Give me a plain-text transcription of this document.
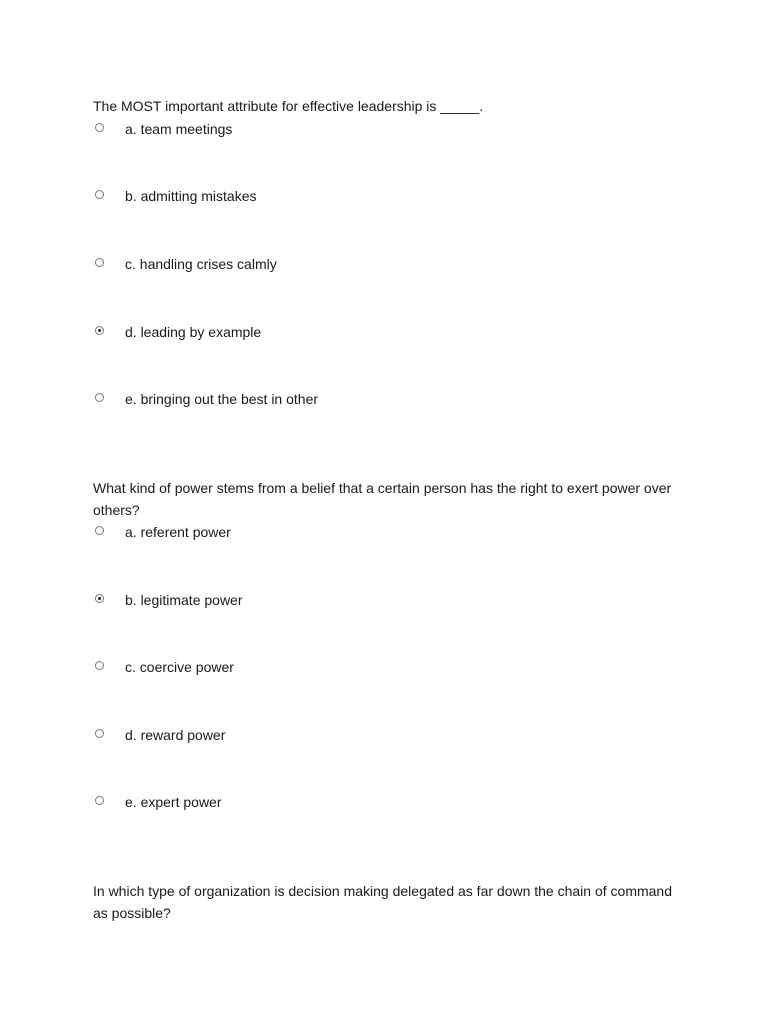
The MOST important attribute for effective leadership is _____.
a. team meetings
b. admitting mistakes
c. handling crises calmly
d. leading by example
e. bringing out the best in other
What kind of power stems from a belief that a certain person has the right to exert power over others?
a. referent power
b. legitimate power
c. coercive power
d. reward power
e. expert power
In which type of organization is decision making delegated as far down the chain of command as possible?
